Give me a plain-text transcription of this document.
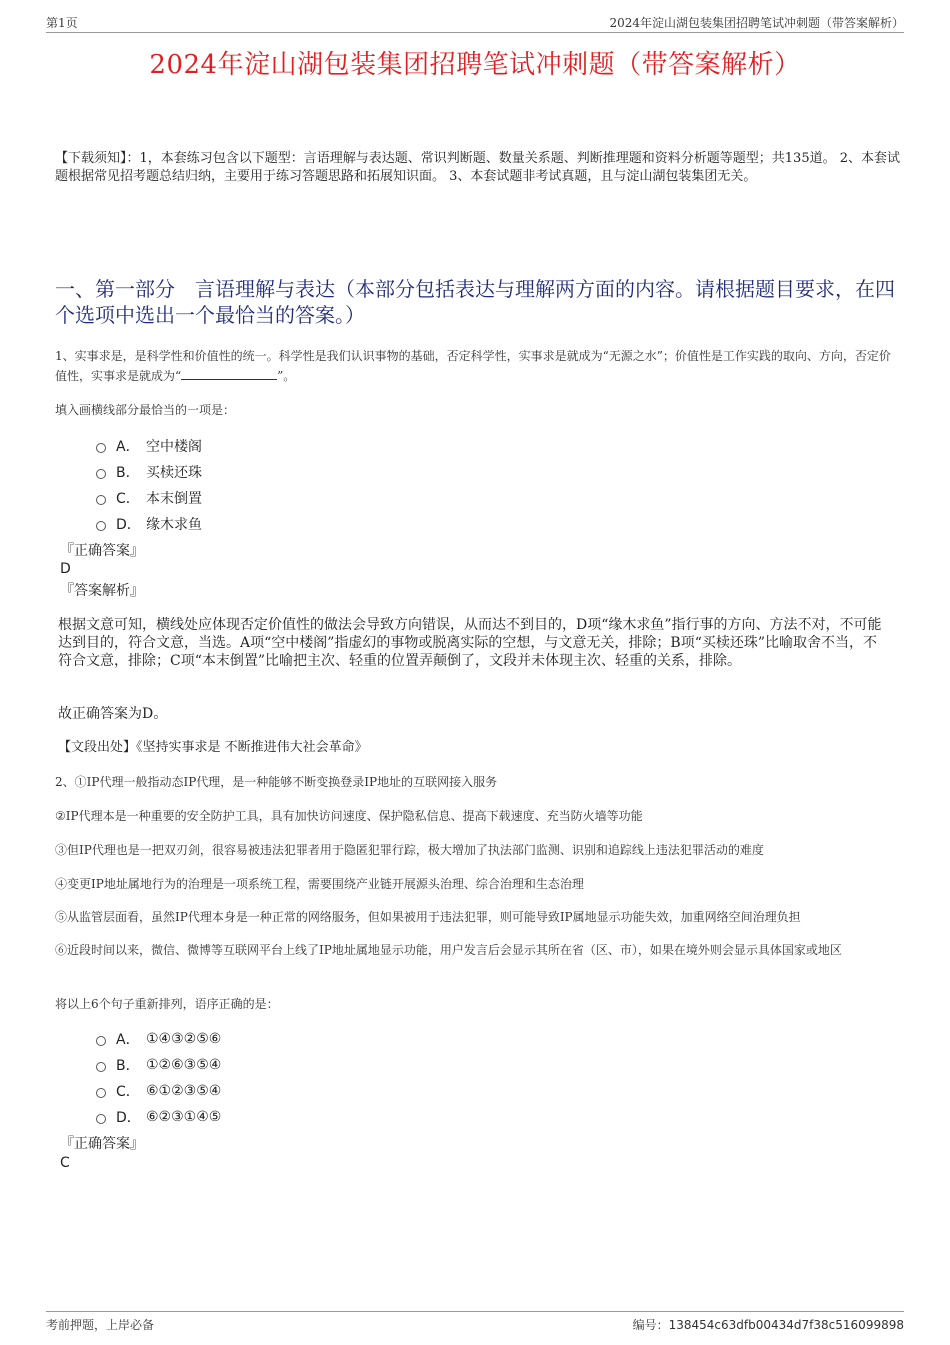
第1页	2024年淀山湖包装集团招聘笔试冲刺题（带答案解析）
2024年淀山湖包装集团招聘笔试冲刺题（带答案解析）
【下载须知】：1，本套练习包含以下题型：言语理解与表达题、常识判断题、数量关系题、判断推理题和资料分析题等题型；共135道。 2、本套试题根据常见招考题总结归纳，主要用于练习答题思路和拓展知识面。 3、本套试题非考试真题，且与淀山湖包装集团无关。
一、第一部分　言语理解与表达（本部分包括表达与理解两方面的内容。请根据题目要求，在四个选项中选出一个最恰当的答案。）
1、实事求是，是科学性和价值性的统一。科学性是我们认识事物的基础，否定科学性，实事求是就成为“无源之水”；价值性是工作实践的取向、方向，否定价值性，实事求是就成为“	”。
填入画横线部分最恰当的一项是：
A． 空中楼阁
B． 买椟还珠
C． 本末倒置
D． 缘木求鱼
『正确答案』
D
『答案解析』
根据文意可知，横线处应体现否定价值性的做法会导致方向错误，从而达不到目的，D项“缘木求鱼”指行事的方向、方法不对，不可能达到目的，符合文意，当选。A项“空中楼阁”指虚幻的事物或脱离实际的空想，与文意无关，排除；B项“买椟还珠”比喻取舍不当，不符合文意，排除；C项“本末倒置”比喻把主次、轻重的位置弄颠倒了，文段并未体现主次、轻重的关系，排除。
故正确答案为D。
【文段出处】《坚持实事求是 不断推进伟大社会革命》
2、①IP代理一般指动态IP代理，是一种能够不断变换登录IP地址的互联网接入服务
②IP代理本是一种重要的安全防护工具，具有加快访问速度、保护隐私信息、提高下载速度、充当防火墙等功能
③但IP代理也是一把双刃剑，很容易被违法犯罪者用于隐匿犯罪行踪，极大增加了执法部门监测、识别和追踪线上违法犯罪活动的难度
④变更IP地址属地行为的治理是一项系统工程，需要围绕产业链开展源头治理、综合治理和生态治理
⑤从监管层面看，虽然IP代理本身是一种正常的网络服务，但如果被用于违法犯罪，则可能导致IP属地显示功能失效，加重网络空间治理负担
⑥近段时间以来，微信、微博等互联网平台上线了IP地址属地显示功能，用户发言后会显示其所在省（区、市），如果在境外则会显示具体国家或地区
将以上6个句子重新排列，语序正确的是：
A． ①④③②⑤⑥
B． ①②⑥③⑤④
C． ⑥①②③⑤④
D． ⑥②③①④⑤
『正确答案』
C
考前押题，上岸必备	编号：138454c63dfb00434d7f38c516099898
